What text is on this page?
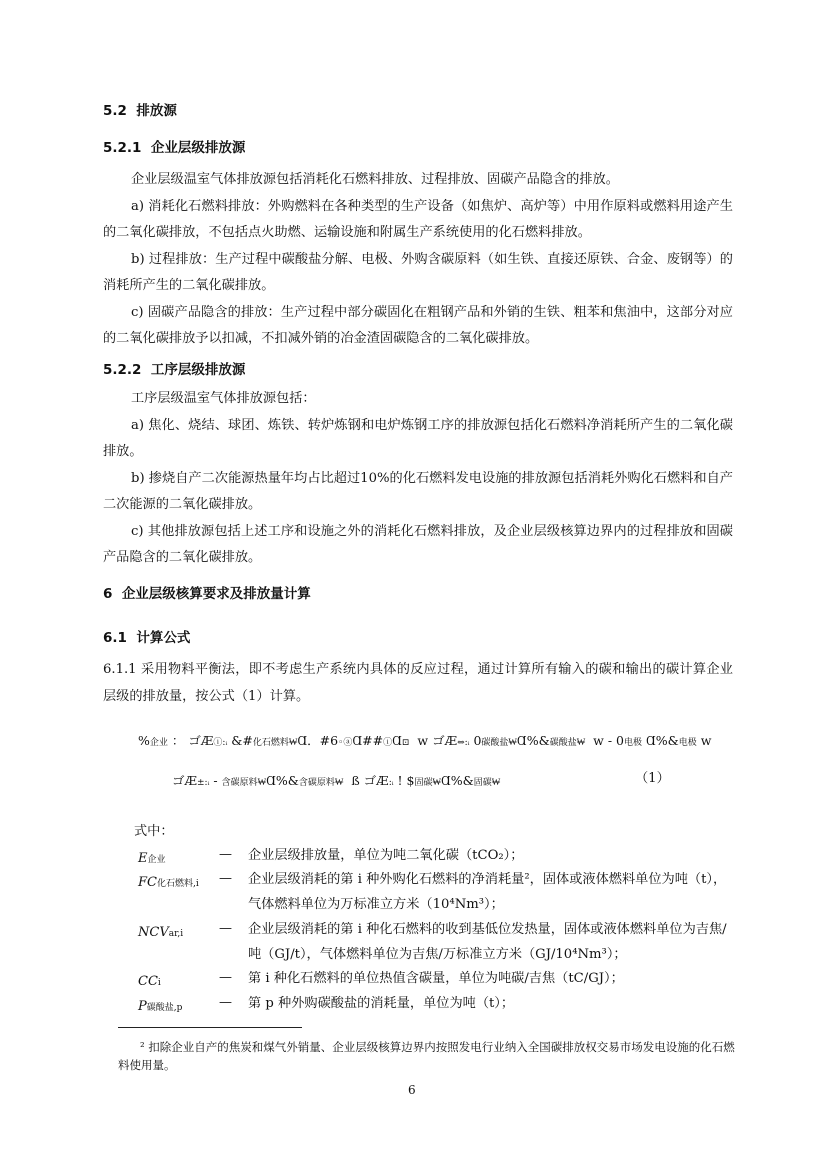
5.2 排放源
5.2.1 企业层级排放源

企业层级温室气体排放源包括消耗化石燃料排放、过程排放、固碳产品隐含的排放。

a) 消耗化石燃料排放：外购燃料在各种类型的生产设备（如焦炉、高炉等）中用作原料或燃料用途产生的二氧化碳排放，不包括点火助燃、运输设施和附属生产系统使用的化石燃料排放。

b) 过程排放：生产过程中碳酸盐分解、电极、外购含碳原料（如生铁、直接还原铁、合金、废钢等）的消耗所产生的二氧化碳排放。

c) 固碳产品隐含的排放：生产过程中部分碳固化在粗钢产品和外销的生铁、粗苯和焦油中，这部分对应的二氧化碳排放予以扣减，不扣减外销的冶金渣固碳隐含的二氧化碳排放。

5.2.2 工序层级排放源

工序层级温室气体排放源包括：

a) 焦化、烧结、球团、炼铁、转炉炼钢和电炉炼钢工序的排放源包括化石燃料净消耗所产生的二氧化碳排放。

b) 掺烧自产二次能源热量年均占比超过10%的化石燃料发电设施的排放源包括消耗外购化石燃料和自产二次能源的二氧化碳排放。

c) 其他排放源包括上述工序和设施之外的消耗化石燃料排放，及企业层级核算边界内的过程排放和固碳产品隐含的二氧化碳排放。

6 企业层级核算要求及排放量计算
6.1 计算公式

6.1.1 采用物料平衡法，即不考虑生产系统内具体的反应过程，通过计算所有输入的碳和输出的碳计算企业层级的排放量，按公式（1）计算。

%企业 ： ゴÆⓘ:ᵢ &#化石燃料₩Ɑ．#6◦ⓐⱭ##ⓘⱭ⊡ w ゴÆ⇔:ᵢ 0碳酸盐₩Ɑ%&碳酸盐₩ w - 0电极 Ɑ%&电极 w
ゴÆ±:ᵢ - 含碳原料₩Ɑ%&含碳原料₩ ß ゴÆ:ᵢ ! $固碳₩Ɑ%&固碳₩	（1）
式中：
E企业	— 企业层级排放量，单位为吨二氧化碳（tCO₂）；
FC化石燃料,i — 企业层级消耗的第 i 种外购化石燃料的净消耗量²，固体或液体燃料单位为吨（t），气体燃料单位为万标准立方米（10⁴Nm³）；
NCVar,i	— 企业层级消耗的第 i 种化石燃料的收到基低位发热量，固体或液体燃料单位为吉焦/吨（GJ/t），气体燃料单位为吉焦/万标准立方米（GJ/10⁴Nm³）；
CCi	— 第 i 种化石燃料的单位热值含碳量，单位为吨碳/吉焦（tC/GJ）；
P碳酸盐,p	— 第 p 种外购碳酸盐的消耗量，单位为吨（t）；
² 扣除企业自产的焦炭和煤气外销量、企业层级核算边界内按照发电行业纳入全国碳排放权交易市场发电设施的化石燃料使用量。
6
